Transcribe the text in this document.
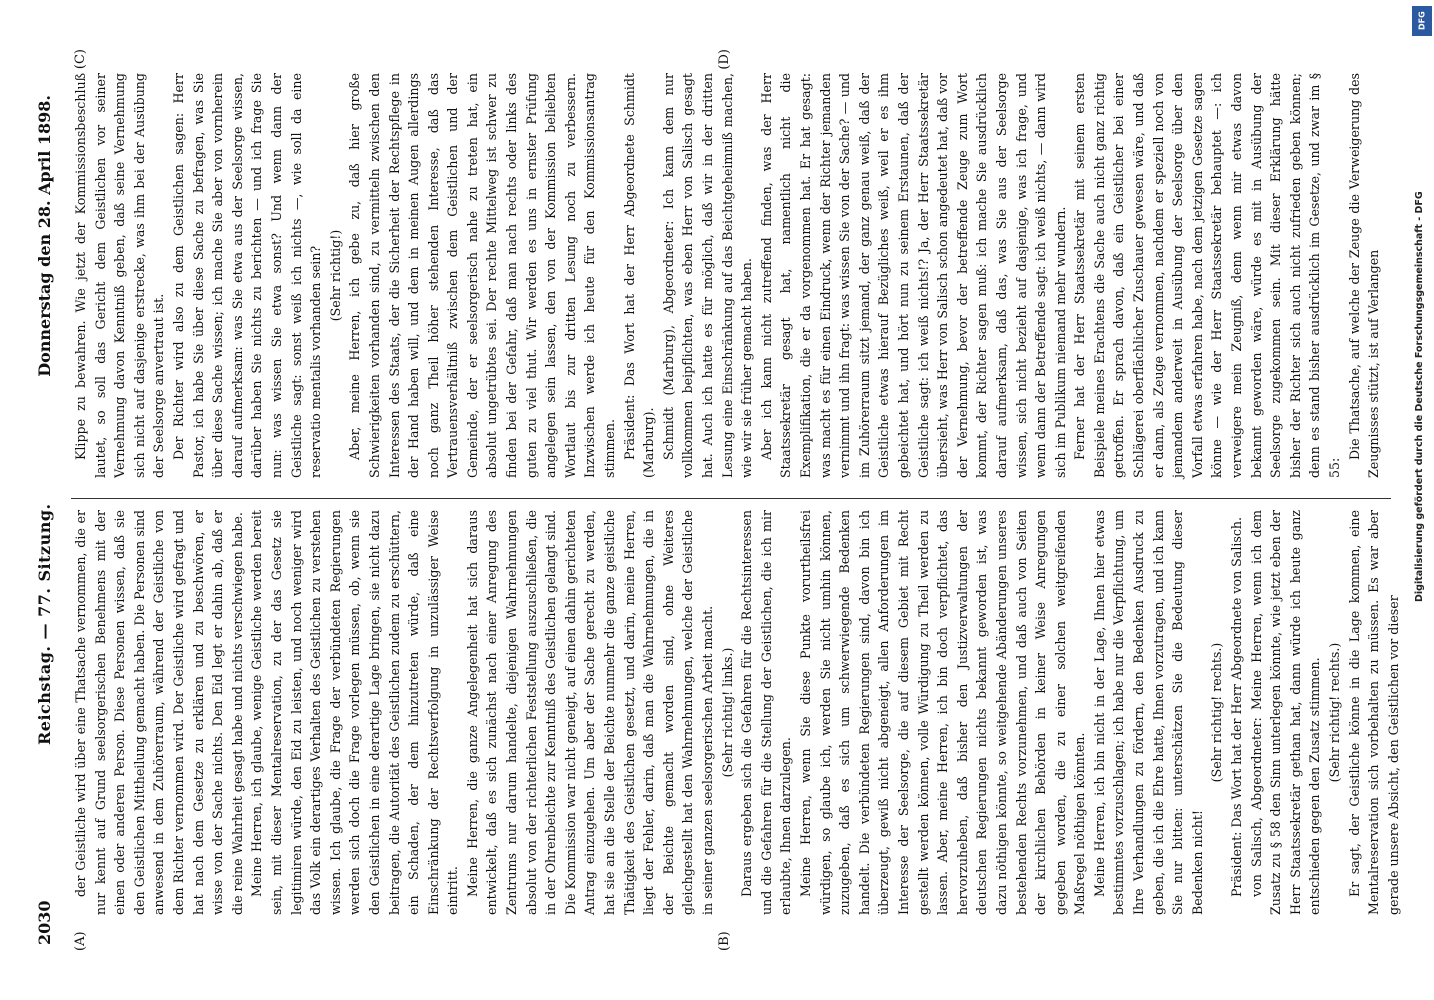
2030
Reichstag. — 77. Sitzung.
Donnerstag den 28. April 1898.
(A)	(B)
(C)	(D)

der Geistliche wird über eine Thatsache vernommen, die er nur kennt auf Grund seelsorgerischen Benehmens mit der einen oder anderen Person. Diese Personen wissen, daß sie den Geistlichen Mittheilung gemacht haben. Die Personen sind anwesend in dem Zuhörerraum, während der Geistliche von dem Richter vernommen wird. Der Geistliche wird gefragt und hat nach dem Gesetze zu erklären und zu beschwören, er wisse von der Sache nichts. Den Eid legt er dahin ab, daß er die reine Wahrheit gesagt habe und nichts verschwiegen habe. Meine Herren, ich glaube, wenige Geistliche werden bereit sein, mit dieser Mentalreservation, zu der das Gesetz sie legitimiren würde, den Eid zu leisten, und noch weniger wird das Volk ein derartiges Verhalten des Geistlichen zu verstehen wissen. Ich glaube, die Frage der verbündeten Regierungen werden sich doch die Frage vorlegen müssen, ob, wenn sie den Geistlichen in eine derartige Lage bringen, sie nicht dazu beitragen, die Autorität des Geistlichen zudem zu erschüttern, ein Schaden, der dem hinzutreten würde, daß eine Einschränkung der Rechtsverfolgung in unzulässiger Weise eintritt. Meine Herren, die ganze Angelegenheit hat sich daraus entwickelt, daß es sich zunächst nach einer Anregung des Zentrums nur darum handelte, diejenigen Wahrnehmungen absolut von der richterlichen Feststellung auszuschließen, die in der Ohrenbeichte zur Kenntniß des Geistlichen gelangt sind. Die Kommission war nicht geneigt, auf einen dahin gerichteten Antrag einzugehen. Um aber der Sache gerecht zu werden, hat sie an die Stelle der Beichte nunmehr die ganze geistliche Thätigkeit des Geistlichen gesetzt, und darin, meine Herren, liegt der Fehler, darin, daß man die Wahrnehmungen, die in der Beichte gemacht worden sind, ohne Weiteres gleichgestellt hat den Wahrnehmungen, welche der Geistliche in seiner ganzen seelsorgerischen Arbeit macht. (Sehr richtig! links.) Daraus ergeben sich die Gefahren für die Rechtsinteressen und die Gefahren für die Stellung der Geistlichen, die ich mir erlaubte, Ihnen darzulegen. Meine Herren, wenn Sie diese Punkte vorurtheilsfrei würdigen, so glaube ich, werden Sie nicht umhin können, zuzugeben, daß es sich um schwerwiegende Bedenken handelt. Die verbündeten Regierungen sind, davon bin ich überzeugt, gewiß nicht abgeneigt, allen Anforderungen im Interesse der Seelsorge, die auf diesem Gebiet mit Recht gestellt werden können, volle Würdigung zu Theil werden zu lassen. Aber, meine Herren, ich bin doch verpflichtet, das hervorzuheben, daß bisher den Justizverwaltungen der deutschen Regierungen nichts bekannt geworden ist, was dazu nöthigen könnte, so weitgehende Abänderungen unseres bestehenden Rechts vorzunehmen, und daß auch von Seiten der kirchlichen Behörden in keiner Weise Anregungen gegeben worden, die zu einer solchen weitgreifenden Maßregel nöthigen könnten. Meine Herren, ich bin nicht in der Lage, Ihnen hier etwas bestimmtes vorzuschlagen; ich habe nur die Verpflichtung, um Ihre Verhandlungen zu fördern, den Bedenken Ausdruck zu geben, die ich die Ehre hatte, Ihnen vorzutragen, und ich kann Sie nur bitten: unterschätzen Sie die Bedeutung dieser Bedenken nicht!

(Sehr richtig! rechts.) Präsident: Das Wort hat der Herr Abgeordnete von Salisch. von Salisch, Abgeordneter: Meine Herren, wenn ich dem Zusatz zu § 58 den Sinn unterlegen könnte, wie jetzt eben der Herr Staatssekretär gethan hat, dann würde ich heute ganz entschieden gegen den Zusatz stimmen. (Sehr richtig! rechts.) Er sagt, der Geistliche könne in die Lage kommen, eine Mentalreservation sich vorbehalten zu müssen. Es war aber gerade unsere Absicht, den Geistlichen vor dieser

Klippe zu bewahren. Wie jetzt der Kommissionsbeschluß lautet, so soll das Gericht dem Geistlichen vor seiner Vernehmung davon Kenntniß geben, daß seine Vernehmung sich nicht auf dasjenige erstrecke, was ihm bei der Ausübung der Seelsorge anvertraut ist. Der Richter wird also zu dem Geistlichen sagen: Herr Pastor, ich habe Sie über diese Sache zu befragen, was Sie über diese Sache wissen; ich mache Sie aber von vornherein darauf aufmerksam: was Sie etwa aus der Seelsorge wissen, darüber haben Sie nichts zu berichten — und ich frage Sie nun: was wissen Sie etwa sonst? Und wenn dann der Geistliche sagt: sonst weiß ich nichts —, wie soll da eine reservatio mentalis vorhanden sein? (Sehr richtig!) Aber, meine Herren, ich gebe zu, daß hier große Schwierigkeiten vorhanden sind, zu vermitteln zwischen den Interessen des Staats, der die Sicherheit der Rechtspflege in der Hand haben will, und dem in meinen Augen allerdings noch ganz Theil höher stehenden Interesse, daß das Vertrauensverhältniß zwischen dem Geistlichen und der Gemeinde, der er seelsorgerisch nahe zu treten hat, ein absolut ungetrübtes sei. Der rechte Mittelweg ist schwer zu finden bei der Gefahr, daß man nach rechts oder links des guten zu viel thut. Wir werden es uns in ernster Prüfung angelegen sein lassen, den von der Kommission beliebten Wortlaut bis zur dritten Lesung noch zu verbessern. Inzwischen werde ich heute für den Kommissionsantrag stimmen. Präsident: Das Wort hat der Herr Abgeordnete Schmidt (Marburg). Schmidt (Marburg), Abgeordneter: Ich kann dem nur vollkommen beipflichten, was eben Herr von Salisch gesagt hat. Auch ich hatte es für möglich, daß wir in der dritten Lesung eine Einschränkung auf das Beichtgeheimniß machen, wie wir sie früher gemacht haben. Aber ich kann nicht zutreffend finden, was der Herr Staatssekretär gesagt hat, namentlich nicht die Exemplifikation, die er da vorgenommen hat. Er hat gesagt: was macht es für einen Eindruck, wenn der Richter jemanden vernimmt und ihn fragt: was wissen Sie von der Sache? — und im Zuhörerraum sitzt jemand, der ganz genau weiß, daß der Geistliche etwas hierauf Bezügliches weiß, weil er es ihm gebeichtet hat, und hört nun zu seinem Erstaunen, daß der Geistliche sagt: ich weiß nichts!? Ja, der Herr Staatssekretär übersieht, was Herr von Salisch schon angedeutet hat, daß vor der Vernehmung, bevor der betreffende Zeuge zum Wort kommt, der Richter sagen muß: ich mache Sie ausdrücklich darauf aufmerksam, daß das, was Sie aus der Seelsorge wissen, sich nicht bezieht auf dasjenige, was ich frage, und wenn dann der Betreffende sagt: ich weiß nichts, — dann wird sich im Publikum niemand mehr wundern. Ferner hat der Herr Staatssekretär mit seinem ersten Beispiele meines Erachtens die Sache auch nicht ganz richtig getroffen. Er sprach davon, daß ein Geistlicher bei einer Schlägerei oberflächlicher Zuschauer gewesen wäre, und daß er dann, als Zeuge vernommen, nachdem er speziell noch von jemandem anderweit in Ausübung der Seelsorge über den Vorfall etwas erfahren habe, nach dem jetzigen Gesetze sagen könne — wie der Herr Staatssekretär behauptet —: ich verweigere mein Zeugniß, denn wenn mir etwas davon bekannt geworden wäre, würde es mit in Ausübung der Seelsorge zugekommen sein. Mit dieser Erklärung hätte bisher der Richter sich auch nicht zufrieden geben können; denn es stand bisher ausdrücklich im Gesetze, und zwar im § 55:

Die Thatsache, auf welche der Zeuge die Verweigerung des Zeugnisses stützt, ist auf Verlangen

DFG
Digitalisierung gefördert durch die Deutsche Forschungsgemeinschaft - DFG
